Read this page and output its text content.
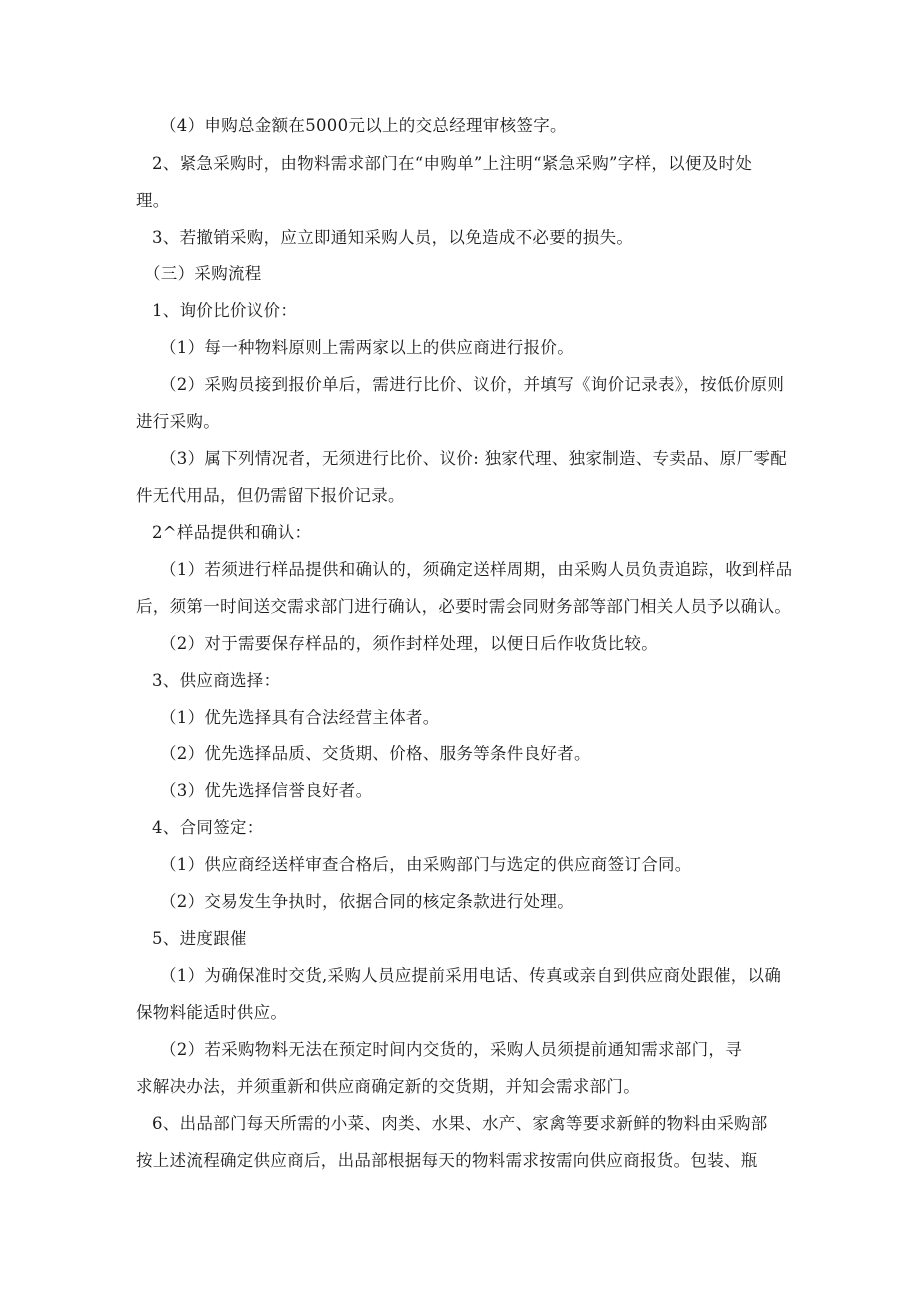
（4）申购总金额在5000元以上的交总经理审核签字。
2、紧急采购时，由物料需求部门在“申购单”上注明“紧急采购”字样，以便及时处
理。
3、若撤销采购，应立即通知采购人员，以免造成不必要的损失。
（三）采购流程
1、询价比价议价：
（1）每一种物料原则上需两家以上的供应商进行报价。
（2）采购员接到报价单后，需进行比价、议价，并填写《询价记录表》，按低价原则
进行采购。
（3）属下列情况者，无须进行比价、议价: 独家代理、独家制造、专卖品、原厂零配
件无代用品，但仍需留下报价记录。
2^样品提供和确认：
（1）若须进行样品提供和确认的，须确定送样周期，由采购人员负责追踪，收到样品
后，须第一时间送交需求部门进行确认，必要时需会同财务部等部门相关人员予以确认。
（2）对于需要保存样品的，须作封样处理，以便日后作收货比较。
3、供应商选择：
（1）优先选择具有合法经营主体者。
（2）优先选择品质、交货期、价格、服务等条件良好者。
（3）优先选择信誉良好者。
4、合同签定：
（1）供应商经送样审查合格后，由采购部门与选定的供应商签订合同。
（2）交易发生争执时，依据合同的核定条款进行处理。
5、进度跟催
（1）为确保准时交货,采购人员应提前采用电话、传真或亲自到供应商处跟催，以确
保物料能适时供应。
（2）若采购物料无法在预定时间内交货的，采购人员须提前通知需求部门，寻
求解决办法，并须重新和供应商确定新的交货期，并知会需求部门。
6、出品部门每天所需的小菜、肉类、水果、水产、家禽等要求新鲜的物料由采购部
按上述流程确定供应商后，出品部根据每天的物料需求按需向供应商报货。包装、瓶
